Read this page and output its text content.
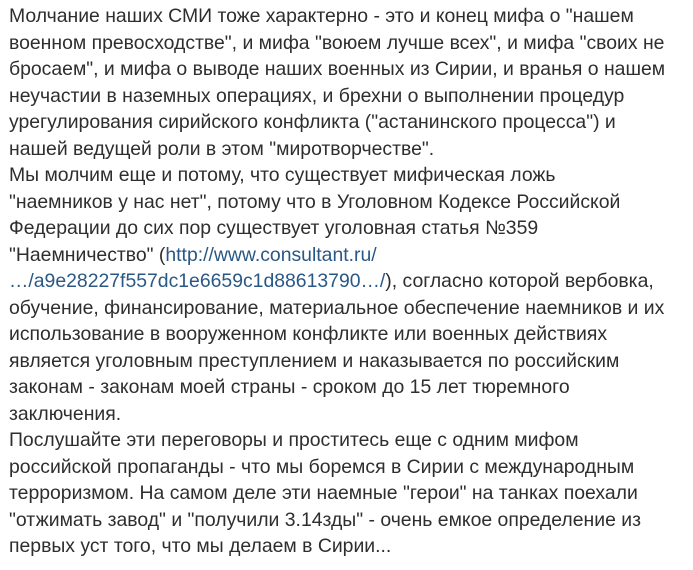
Молчание наших СМИ тоже характерно - это и конец мифа о "нашем
военном превосходстве", и мифа "воюем лучше всех", и мифа "своих не
бросаем", и мифа о выводе наших военных из Сирии, и вранья о нашем
неучастии в наземных операциях, и брехни о выполнении процедур
урегулирования сирийского конфликта ("астанинского процесса") и
нашей ведущей роли в этом "миротворчестве".
Мы молчим еще и потому, что существует мифическая ложь
"наемников у нас нет", потому что в Уголовном Кодексе Российской
Федерации до сих пор существует уголовная статья №359
"Наемничество" (http://www.consultant.ru/
…/a9e28227f557dc1e6659c1d88613790…/), согласно которой вербовка,
обучение, финансирование, материальное обеспечение наемников и их
использование в вооруженном конфликте или военных действиях
является уголовным преступлением и наказывается по российским
законам - законам моей страны - сроком до 15 лет тюремного
заключения.
Послушайте эти переговоры и проститесь еще с одним мифом
российской пропаганды - что мы боремся в Сирии с международным
терроризмом. На самом деле эти наемные "герои" на танках поехали
"отжимать завод" и "получили 3.14зды" - очень емкое определение из
первых уст того, что мы делаем в Сирии...
